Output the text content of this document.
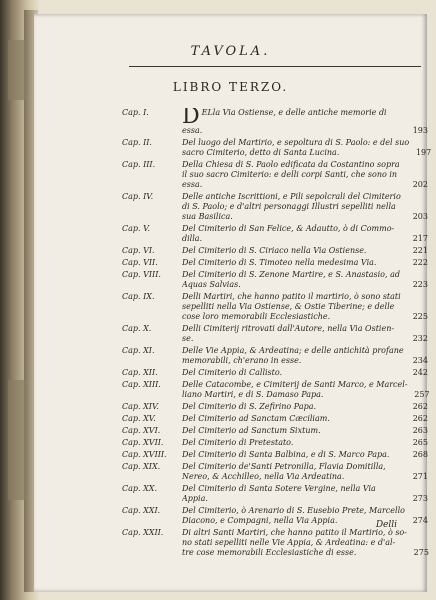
TAVOLA.
LIBRO TERZO.
Cap. I.	D ELla Via Ostiense, e delle antiche memorie di
essa.	193
Cap. II.	Del luogo del Martirio, e sepoltura di S. Paolo: e del suo
sacro Cimiterio, detto di Santa Lucina.	197
Cap. III.	Della Chiesa di S. Paolo edificata da Costantino sopra
il suo sacro Cimiterio: e delli corpi Santi, che sono in
essa.	202
Cap. IV.	Delle antiche Iscrittioni, e Pili sepolcrali del Cimiterio
di S. Paolo; e d'altri personaggi Illustri sepelliti nella
sua Basilica.	203
Cap. V.	Del Cimiterio di San Felice, & Adautto, ò di Commo-
dilla.	217
Cap. VI.	Del Cimiterio di S. Ciriaco nella Via Ostiense.	221
Cap. VII.	Del Cimiterio di S. Timoteo nella medesima Via.	222
Cap. VIII.	Del Cimiterio di S. Zenone Martire, e S. Anastasio, ad
Aquas Salvias.	223
Cap. IX.	Delli Martiri, che hanno patito il martirio, ò sono stati
sepelliti nella Via Ostiense, & Ostie Tiberine; e delle
cose loro memorabili Ecclesiastiche.	225
Cap. X.	Delli Cimiterij ritrovati dall'Autore, nella Via Ostien-
se.	232
Cap. XI.	Delle Vie Appia, & Ardeatina; e delle antichità profane
memorabili, ch'erano in esse.	234
Cap. XII.	Del Cimiterio di Callisto.	242
Cap. XIII.	Delle Catacombe, e Cimiterij de Santi Marco, e Marcel-
liano Martiri, e di S. Damaso Papa.	257
Cap. XIV.	Del Cimiterio di S. Zefirino Papa.	262
Cap. XV.	Del Cimiterio ad Sanctam Cæciliam.	262
Cap. XVI.	Del Cimiterio ad Sanctum Sixtum.	263
Cap. XVII.	Del Cimiterio di Pretestato.	265
Cap. XVIII.	Del Cimiterio di Santa Balbina, e di S. Marco Papa.	268
Cap. XIX.	Del Cimiterio de'Santi Petronilla, Flavia Domitilla,
Nereo, & Acchilleo, nella Via Ardeatina.	271
Cap. XX.	Del Cimiterio di Santa Sotere Vergine, nella Via
Appia.	273
Cap. XXI.	Del Cimiterio, ò Arenario di S. Eusebio Prete, Marcello
Diacono, e Compagni, nella Via Appia.	274
Cap. XXII.	Di altri Santi Martiri, che hanno patito il Martirio, ò so-
no stati sepelliti nelle Vie Appia, & Ardeatina: e d'al-
tre cose memorabili Ecclesiastiche di esse.	275
Delli
